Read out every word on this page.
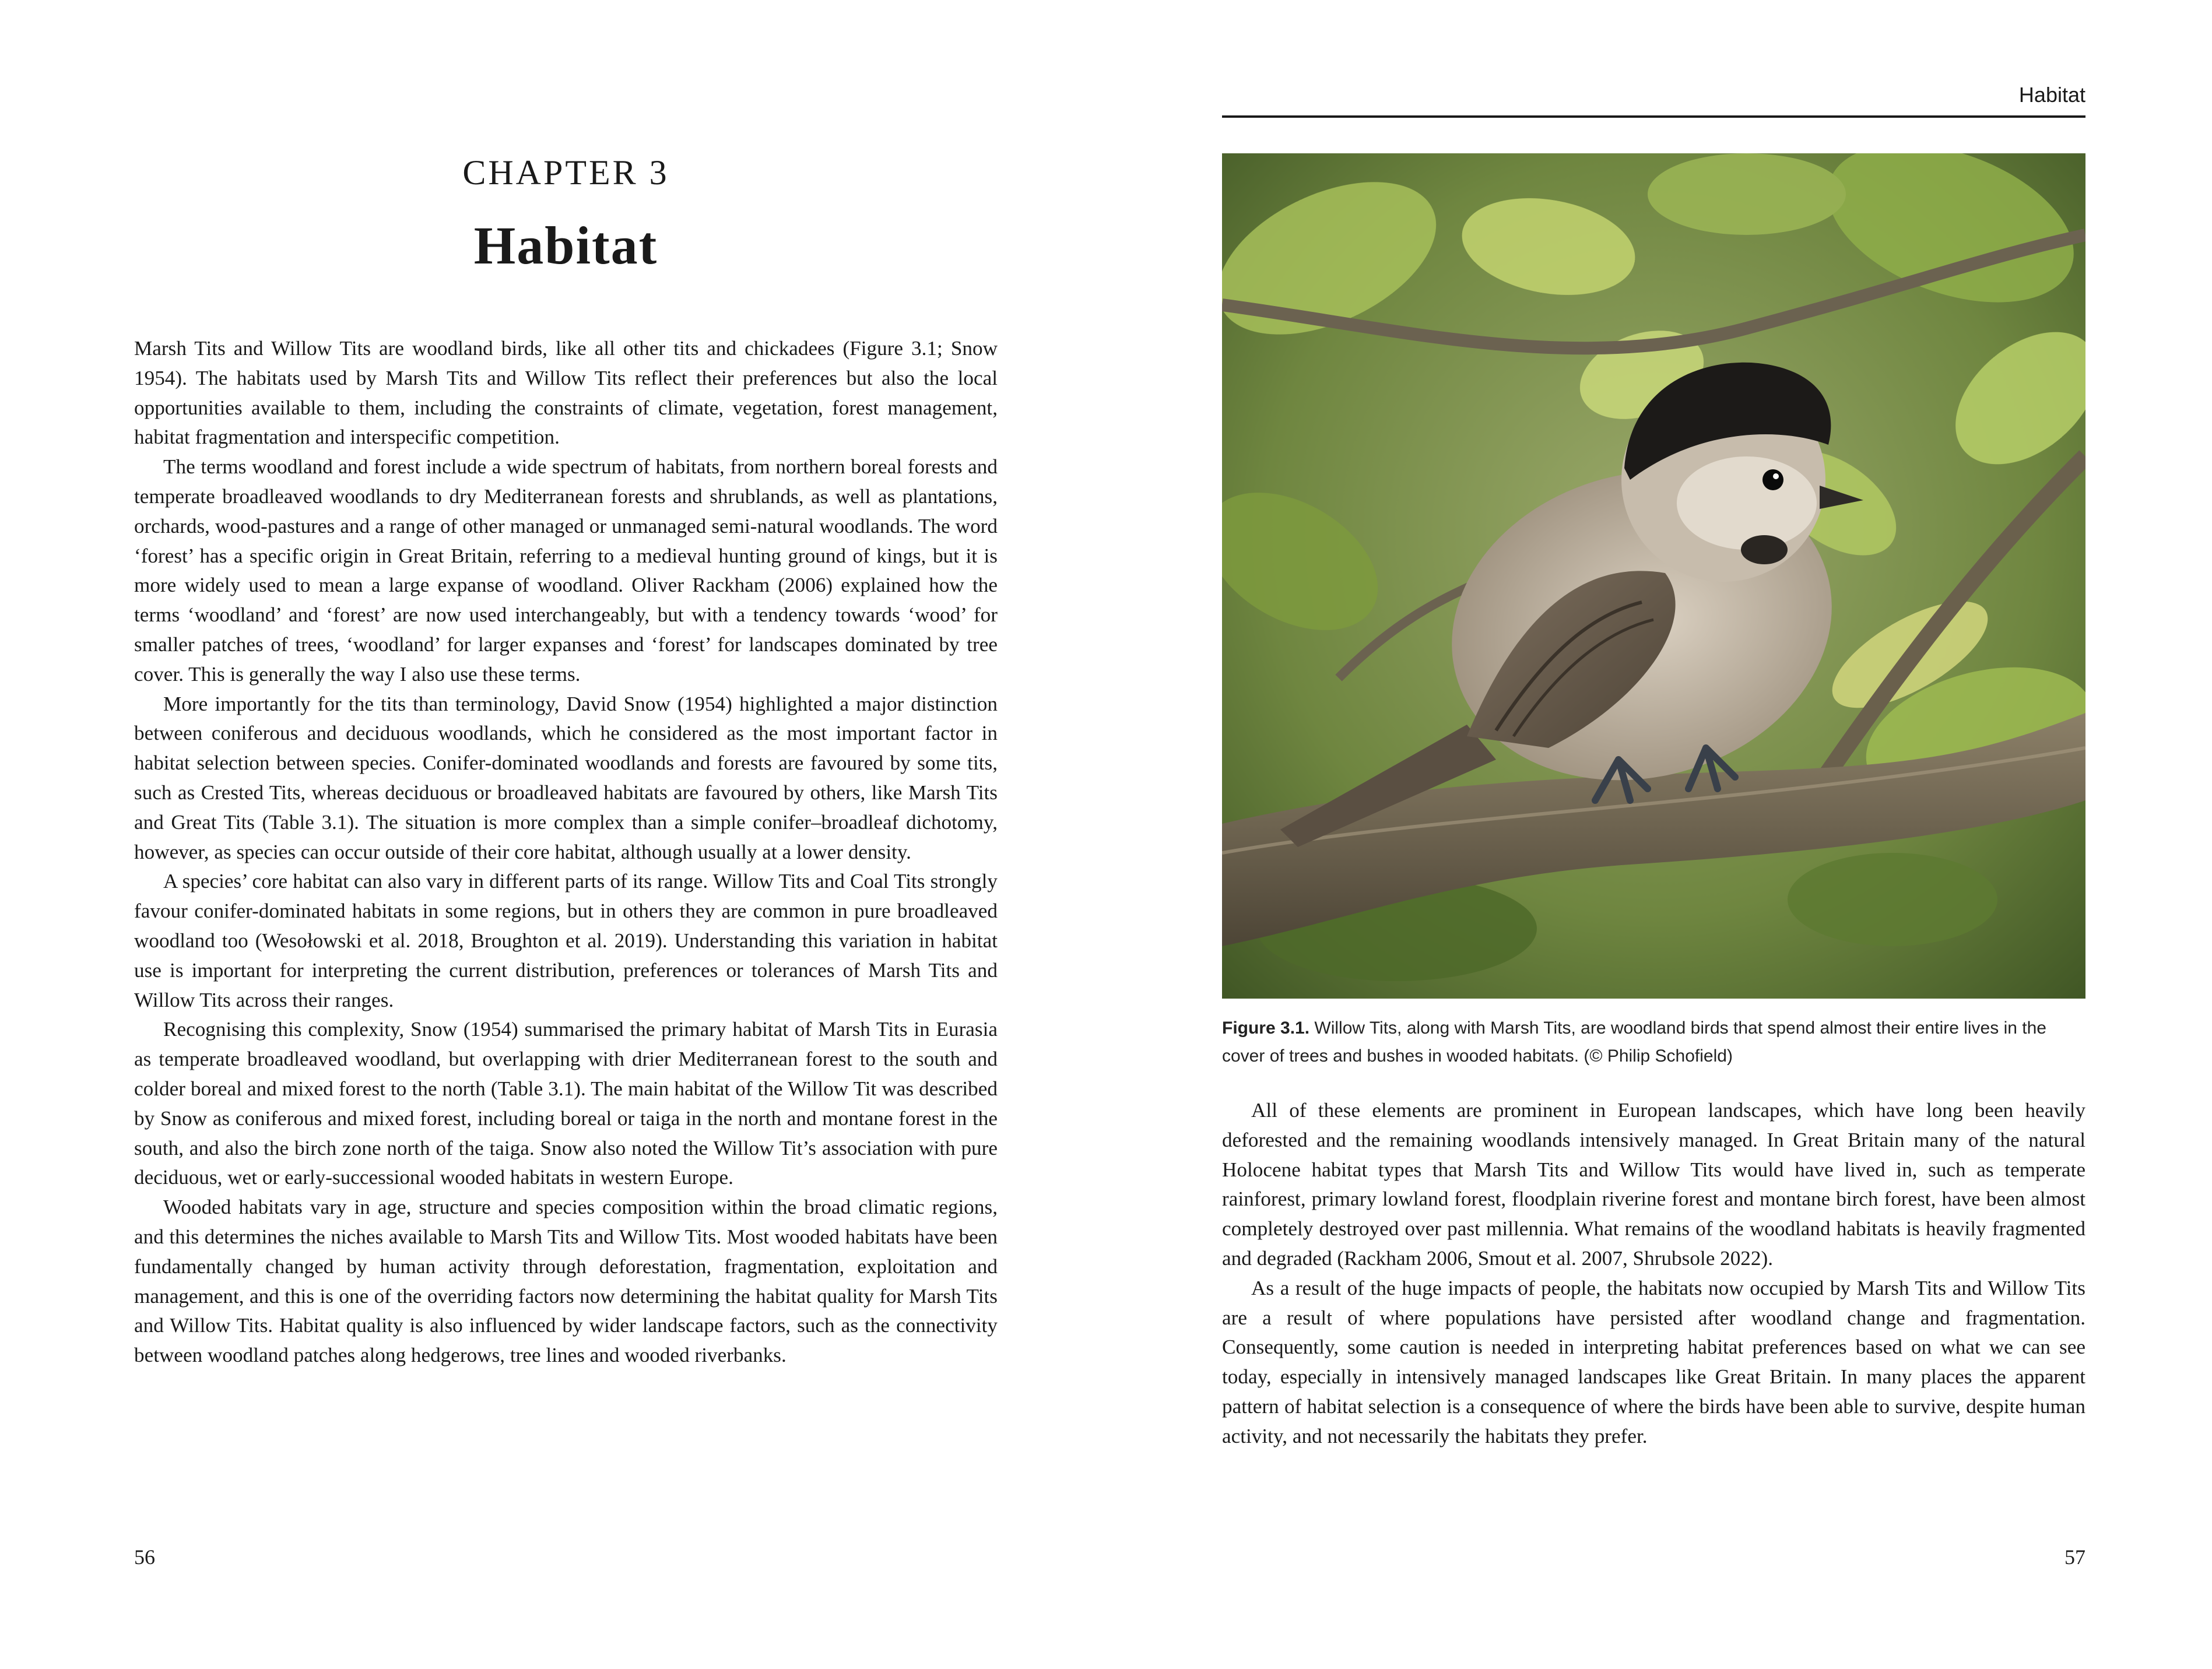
CHAPTER 3
Habitat

Marsh Tits and Willow Tits are woodland birds, like all other tits and chickadees (Figure 3.1; Snow 1954). The habitats used by Marsh Tits and Willow Tits reflect their preferences but also the local opportunities available to them, including the constraints of climate, vegetation, forest management, habitat fragmentation and interspecific competition.

The terms woodland and forest include a wide spectrum of habitats, from northern boreal forests and temperate broadleaved woodlands to dry Mediterranean forests and shrublands, as well as plantations, orchards, wood-pastures and a range of other managed or unmanaged semi-natural woodlands. The word ‘forest’ has a specific origin in Great Britain, referring to a medieval hunting ground of kings, but it is more widely used to mean a large expanse of woodland. Oliver Rackham (2006) explained how the terms ‘woodland’ and ‘forest’ are now used interchangeably, but with a tendency towards ‘wood’ for smaller patches of trees, ‘woodland’ for larger expanses and ‘forest’ for landscapes dominated by tree cover. This is generally the way I also use these terms.

More importantly for the tits than terminology, David Snow (1954) highlighted a major distinction between coniferous and deciduous woodlands, which he considered as the most important factor in habitat selection between species. Conifer-dominated woodlands and forests are favoured by some tits, such as Crested Tits, whereas deciduous or broadleaved habitats are favoured by others, like Marsh Tits and Great Tits (Table 3.1). The situation is more complex than a simple conifer–broadleaf dichotomy, however, as species can occur outside of their core habitat, although usually at a lower density.

A species’ core habitat can also vary in different parts of its range. Willow Tits and Coal Tits strongly favour conifer-dominated habitats in some regions, but in others they are common in pure broadleaved woodland too (Wesołowski et al. 2018, Broughton et al. 2019). Understanding this variation in habitat use is important for interpreting the current distribution, preferences or tolerances of Marsh Tits and Willow Tits across their ranges.

Recognising this complexity, Snow (1954) summarised the primary habitat of Marsh Tits in Eurasia as temperate broadleaved woodland, but overlapping with drier Mediterranean forest to the south and colder boreal and mixed forest to the north (Table 3.1). The main habitat of the Willow Tit was described by Snow as coniferous and mixed forest, including boreal or taiga in the north and montane forest in the south, and also the birch zone north of the taiga. Snow also noted the Willow Tit’s association with pure deciduous, wet or early-successional wooded habitats in western Europe.

Wooded habitats vary in age, structure and species composition within the broad climatic regions, and this determines the niches available to Marsh Tits and Willow Tits. Most wooded habitats have been fundamentally changed by human activity through deforestation, fragmentation, exploitation and management, and this is one of the overriding factors now determining the habitat quality for Marsh Tits and Willow Tits. Habitat quality is also influenced by wider landscape factors, such as the connectivity between woodland patches along hedgerows, tree lines and wooded riverbanks.

56
Habitat
Figure 3.1. Willow Tits, along with Marsh Tits, are woodland birds that spend almost their entire lives in the cover of trees and bushes in wooded habitats. (© Philip Schofield)

All of these elements are prominent in European landscapes, which have long been heavily deforested and the remaining woodlands intensively managed. In Great Britain many of the natural Holocene habitat types that Marsh Tits and Willow Tits would have lived in, such as temperate rainforest, primary lowland forest, floodplain riverine forest and montane birch forest, have been almost completely destroyed over past millennia. What remains of the woodland habitats is heavily fragmented and degraded (Rackham 2006, Smout et al. 2007, Shrubsole 2022).

As a result of the huge impacts of people, the habitats now occupied by Marsh Tits and Willow Tits are a result of where populations have persisted after woodland change and fragmentation. Consequently, some caution is needed in interpreting habitat preferences based on what we can see today, especially in intensively managed landscapes like Great Britain. In many places the apparent pattern of habitat selection is a consequence of where the birds have been able to survive, despite human activity, and not necessarily the habitats they prefer.

57
